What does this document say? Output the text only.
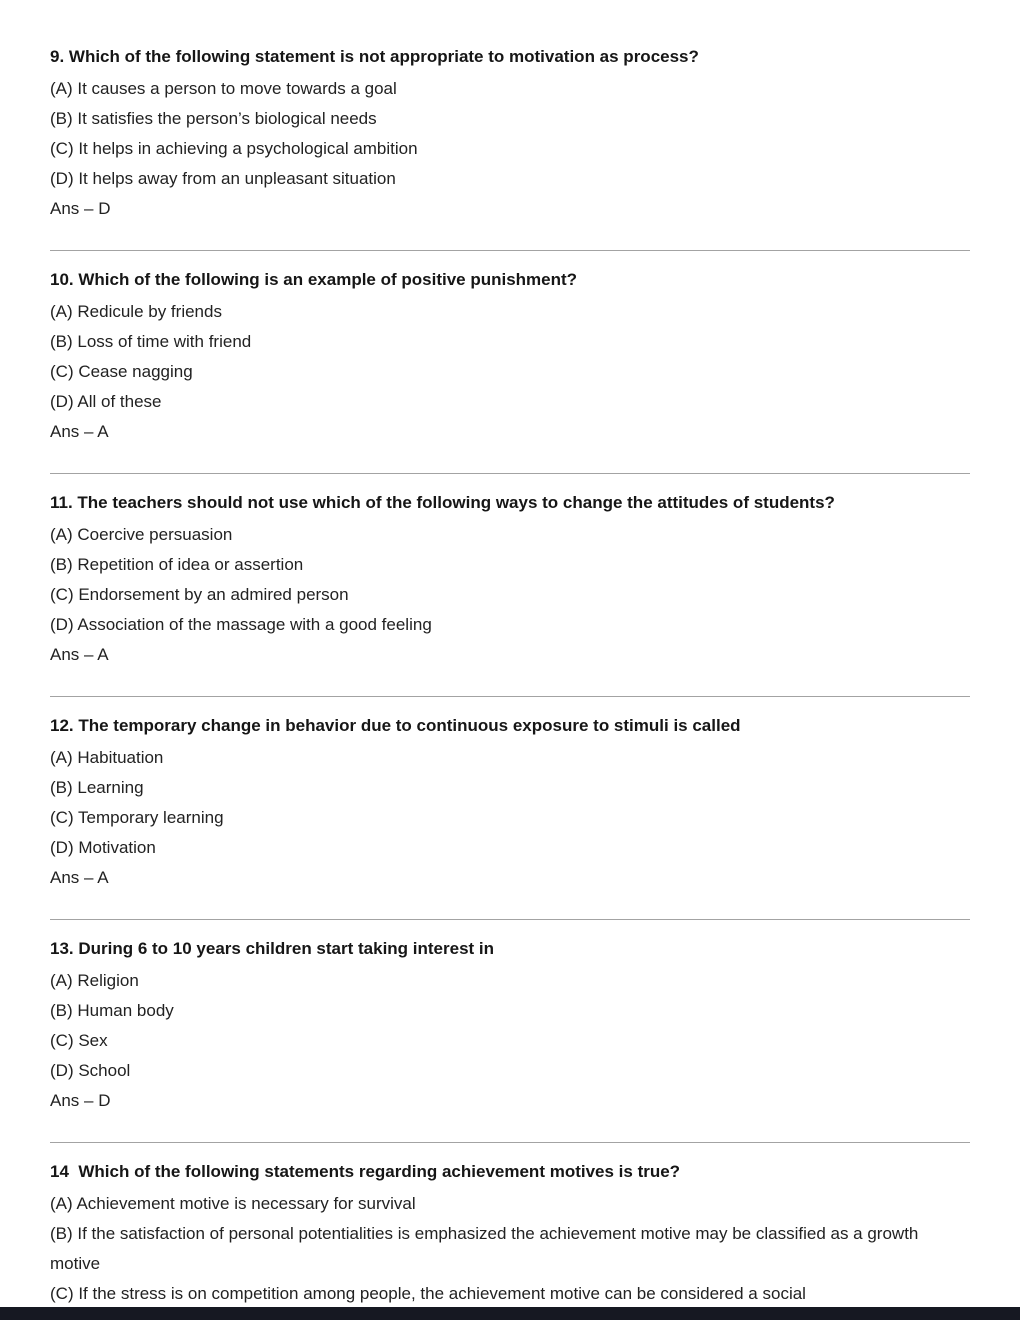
9. Which of the following statement is not appropriate to motivation as process?

(A) It causes a person to move towards a goal

(B) It satisfies the person’s biological needs

(C) It helps in achieving a psychological ambition

(D) It helps away from an unpleasant situation

Ans – D

10. Which of the following is an example of positive punishment?

(A) Redicule by friends

(B) Loss of time with friend

(C) Cease nagging

(D) All of these

Ans – A

11. The teachers should not use which of the following ways to change the attitudes of students?

(A) Coercive persuasion

(B) Repetition of idea or assertion

(C) Endorsement by an admired person

(D) Association of the massage with a good feeling

Ans – A

12. The temporary change in behavior due to continuous exposure to stimuli is called

(A) Habituation

(B) Learning

(C) Temporary learning

(D) Motivation

Ans – A

13. During 6 to 10 years children start taking interest in

(A) Religion

(B) Human body

(C) Sex

(D) School

Ans – D

14  Which of the following statements regarding achievement motives is true?

(A) Achievement motive is necessary for survival

(B) If the satisfaction of personal potentialities is emphasized the achievement motive may be classified as a growth motive

(C) If the stress is on competition among people, the achievement motive can be considered a social
